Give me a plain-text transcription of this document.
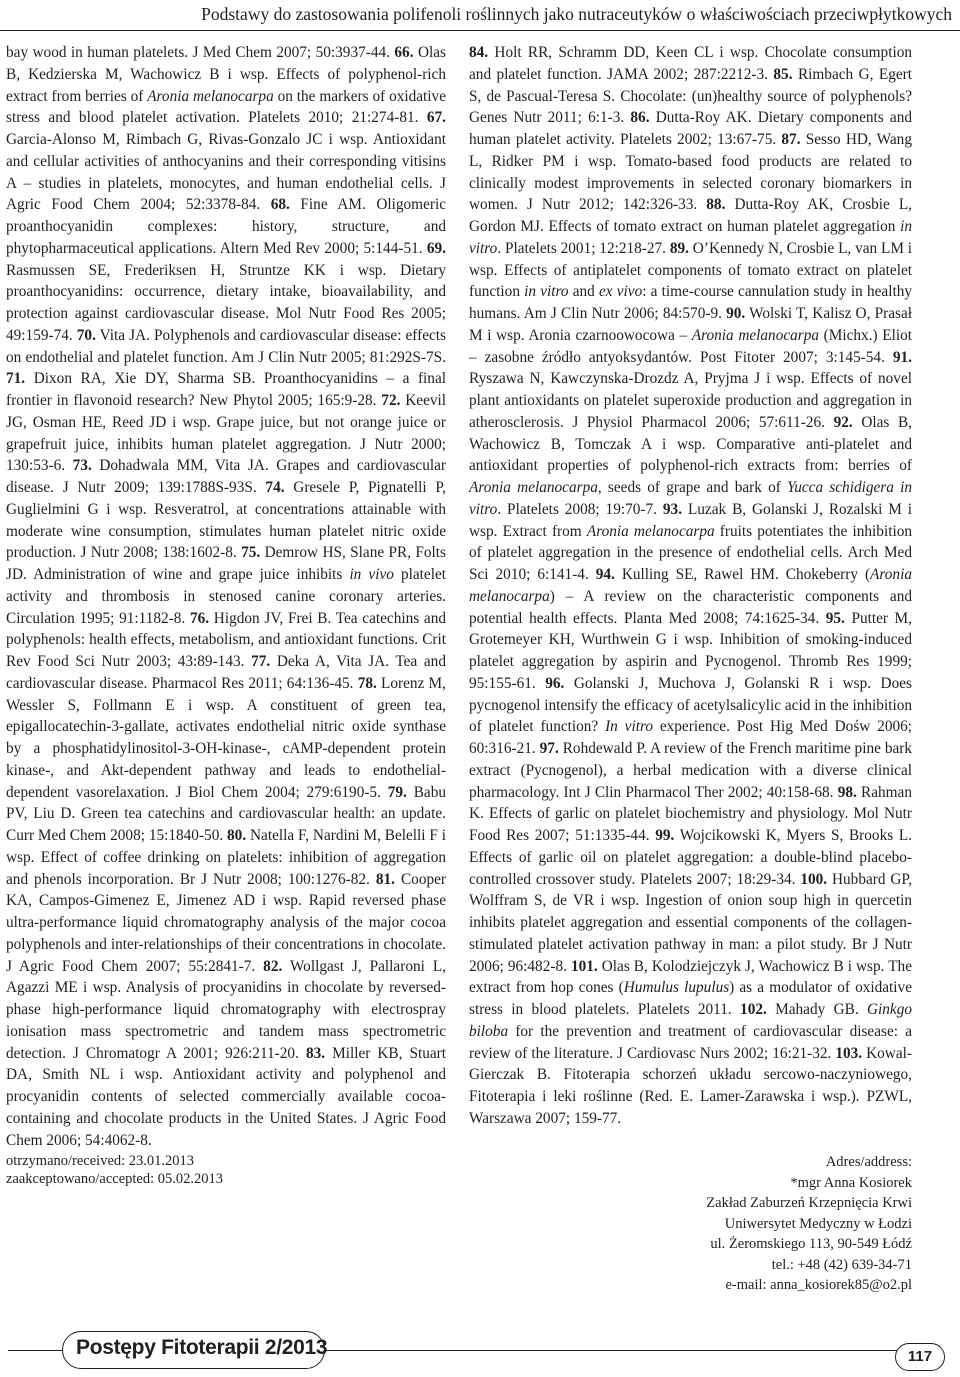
Podstawy do zastosowania polifenoli roślinnych jako nutraceutyków o właściwościach przeciwpłytkowych

bay wood in human platelets. J Med Chem 2007; 50:3937-44. 66. Olas B, Kedzierska M, Wachowicz B i wsp. Effects of polyphenol-rich extract from berries of Aronia melanocarpa on the markers of oxidative stress and blood platelet activation. Platelets 2010; 21:274-81. 67. Garcia-Alonso M, Rimbach G, Rivas-Gonzalo JC i wsp. Antioxidant and cellular activities of anthocyanins and their corresponding vitisins A – studies in platelets, monocytes, and human endothelial cells. J Agric Food Chem 2004; 52:3378-84. 68. Fine AM. Oligomeric proanthocyanidin complexes: history, structure, and phytopharmaceutical applications. Altern Med Rev 2000; 5:144-51. 69. Rasmussen SE, Frederiksen H, Struntze KK i wsp. Dietary proanthocyanidins: occurrence, dietary intake, bioavailability, and protection against cardiovascular disease. Mol Nutr Food Res 2005; 49:159-74. 70. Vita JA. Polyphenols and cardiovascular disease: effects on endothelial and platelet function. Am J Clin Nutr 2005; 81:292S-7S. 71. Dixon RA, Xie DY, Sharma SB. Proanthocyanidins – a final frontier in flavonoid research? New Phytol 2005; 165:9-28. 72. Keevil JG, Osman HE, Reed JD i wsp. Grape juice, but not orange juice or grapefruit juice, inhibits human platelet aggregation. J Nutr 2000; 130:53-6. 73. Dohadwala MM, Vita JA. Grapes and cardiovascular disease. J Nutr 2009; 139:1788S-93S. 74. Gresele P, Pignatelli P, Guglielmini G i wsp. Resveratrol, at concentrations attainable with moderate wine consumption, stimulates human platelet nitric oxide production. J Nutr 2008; 138:1602-8. 75. Demrow HS, Slane PR, Folts JD. Administration of wine and grape juice inhibits in vivo platelet activity and thrombosis in stenosed canine coronary arteries. Circulation 1995; 91:1182-8. 76. Higdon JV, Frei B. Tea catechins and polyphenols: health effects, metabolism, and antioxidant functions. Crit Rev Food Sci Nutr 2003; 43:89-143. 77. Deka A, Vita JA. Tea and cardiovascular disease. Pharmacol Res 2011; 64:136-45. 78. Lorenz M, Wessler S, Follmann E i wsp. A constituent of green tea, epigallocatechin-3-gallate, activates endothelial nitric oxide synthase by a phosphatidylinositol-3-OH-kinase-, cAMP-dependent protein kinase-, and Akt-dependent pathway and leads to endothelial-dependent vasorelaxation. J Biol Chem 2004; 279:6190-5. 79. Babu PV, Liu D. Green tea catechins and cardiovascular health: an update. Curr Med Chem 2008; 15:1840-50. 80. Natella F, Nardini M, Belelli F i wsp. Effect of coffee drinking on platelets: inhibition of aggregation and phenols incorporation. Br J Nutr 2008; 100:1276-82. 81. Cooper KA, Campos-Gimenez E, Jimenez AD i wsp. Rapid reversed phase ultra-performance liquid chromatography analysis of the major cocoa polyphenols and inter-relationships of their concentrations in chocolate. J Agric Food Chem 2007; 55:2841-7. 82. Wollgast J, Pallaroni L, Agazzi ME i wsp. Analysis of procyanidins in chocolate by reversed-phase high-performance liquid chromatography with electrospray ionisation mass spectrometric and tandem mass spectrometric detection. J Chromatogr A 2001; 926:211-20. 83. Miller KB, Stuart DA, Smith NL i wsp. Antioxidant activity and polyphenol and procyanidin contents of selected commercially available cocoa-containing and chocolate products in the United States. J Agric Food Chem 2006; 54:4062-8.

84. Holt RR, Schramm DD, Keen CL i wsp. Chocolate consumption and platelet function. JAMA 2002; 287:2212-3. 85. Rimbach G, Egert S, de Pascual-Teresa S. Chocolate: (un)healthy source of polyphenols? Genes Nutr 2011; 6:1-3. 86. Dutta-Roy AK. Dietary components and human platelet activity. Platelets 2002; 13:67-75. 87. Sesso HD, Wang L, Ridker PM i wsp. Tomato-based food products are related to clinically modest improvements in selected coronary biomarkers in women. J Nutr 2012; 142:326-33. 88. Dutta-Roy AK, Crosbie L, Gordon MJ. Effects of tomato extract on human platelet aggregation in vitro. Platelets 2001; 12:218-27. 89. O’Kennedy N, Crosbie L, van LM i wsp. Effects of antiplatelet components of tomato extract on platelet function in vitro and ex vivo: a time-course cannulation study in healthy humans. Am J Clin Nutr 2006; 84:570-9. 90. Wolski T, Kalisz O, Prasał M i wsp. Aronia czarnoowocowa – Aronia melanocarpa (Michx.) Eliot – zasobne źródło antyoksydantów. Post Fitoter 2007; 3:145-54. 91. Ryszawa N, Kawczynska-Drozdz A, Pryjma J i wsp. Effects of novel plant antioxidants on platelet superoxide production and aggregation in atherosclerosis. J Physiol Pharmacol 2006; 57:611-26. 92. Olas B, Wachowicz B, Tomczak A i wsp. Comparative anti-platelet and antioxidant properties of polyphenol-rich extracts from: berries of Aronia melanocarpa, seeds of grape and bark of Yucca schidigera in vitro. Platelets 2008; 19:70-7. 93. Luzak B, Golanski J, Rozalski M i wsp. Extract from Aronia melanocarpa fruits potentiates the inhibition of platelet aggregation in the presence of endothelial cells. Arch Med Sci 2010; 6:141-4. 94. Kulling SE, Rawel HM. Chokeberry (Aronia melanocarpa) – A review on the characteristic components and potential health effects. Planta Med 2008; 74:1625-34. 95. Putter M, Grotemeyer KH, Wurthwein G i wsp. Inhibition of smoking-induced platelet aggregation by aspirin and Pycnogenol. Thromb Res 1999; 95:155-61. 96. Golanski J, Muchova J, Golanski R i wsp. Does pycnogenol intensify the efficacy of acetylsalicylic acid in the inhibition of platelet function? In vitro experience. Post Hig Med Dośw 2006; 60:316-21. 97. Rohdewald P. A review of the French maritime pine bark extract (Pycnogenol), a herbal medication with a diverse clinical pharmacology. Int J Clin Pharmacol Ther 2002; 40:158-68. 98. Rahman K. Effects of garlic on platelet biochemistry and physiology. Mol Nutr Food Res 2007; 51:1335-44. 99. Wojcikowski K, Myers S, Brooks L. Effects of garlic oil on platelet aggregation: a double-blind placebo-controlled crossover study. Platelets 2007; 18:29-34. 100. Hubbard GP, Wolffram S, de VR i wsp. Ingestion of onion soup high in quercetin inhibits platelet aggregation and essential components of the collagen-stimulated platelet activation pathway in man: a pilot study. Br J Nutr 2006; 96:482-8. 101. Olas B, Kolodziejczyk J, Wachowicz B i wsp. The extract from hop cones (Humulus lupulus) as a modulator of oxidative stress in blood platelets. Platelets 2011. 102. Mahady GB. Ginkgo biloba for the prevention and treatment of cardiovascular disease: a review of the literature. J Cardiovasc Nurs 2002; 16:21-32. 103. Kowal-Gierczak B. Fitoterapia schorzeń układu sercowo-naczyniowego, Fitoterapia i leki roślinne (Red. E. Lamer-Zarawska i wsp.). PZWL, Warszawa 2007; 159-77.

otrzymano/received: 23.01.2013
zaakceptowano/accepted: 05.02.2013
Adres/address:
*mgr Anna Kosiorek
Zakład Zaburzeń Krzepnięcia Krwi
Uniwersytet Medyczny w Łodzi
ul. Żeromskiego 113, 90-549 Łódź
tel.: +48 (42) 639-34-71
e-mail: anna_kosiorek85@o2.pl
Postępy Fitoterapii 2/2013	117
